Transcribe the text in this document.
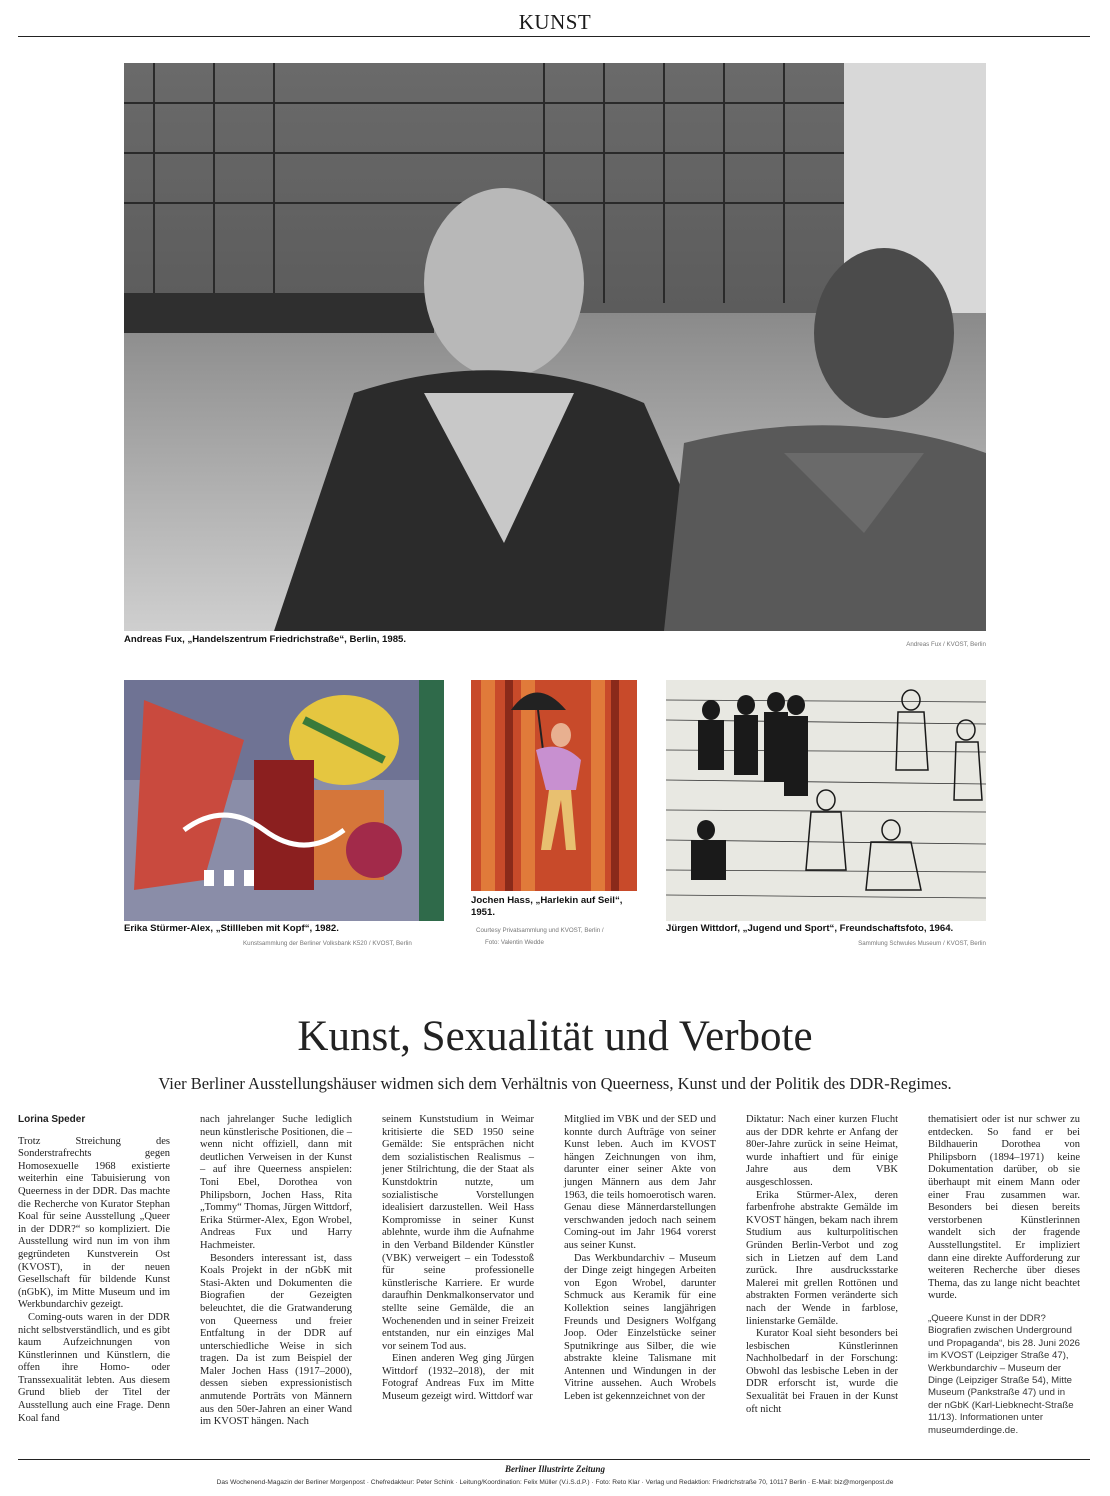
KUNST
Andreas Fux, „Handelszentrum Friedrichstraße“, Berlin, 1985.	Andreas Fux / KVOST, Berlin
Erika Stürmer-Alex, „Stillleben mit Kopf“, 1982.
Kunstsammlung der Berliner Volksbank K520 / KVOST, Berlin
Jochen Hass, „Harlekin auf Seil“,
1951.
Courtesy Privatsammlung und KVOST, Berlin /
Foto: Valentin Wedde
Jürgen Wittdorf, „Jugend und Sport“, Freundschaftsfoto, 1964.
Sammlung Schwules Museum / KVOST, Berlin
Kunst, Sexualität und Verbote
Vier Berliner Ausstellungshäuser widmen sich dem Verhältnis von Queerness, Kunst und der Politik des DDR-Regimes.
Lorina Speder

Trotz Streichung des Sonderstrafrechts gegen Homosexuelle 1968 existierte weiterhin eine Tabuisierung von Queerness in der DDR. Das machte die Recherche von Kurator Stephan Koal für seine Ausstellung „Queer in der DDR?“ so kompliziert. Die Ausstellung wird nun im von ihm gegründeten Kunstverein Ost (KVOST), in der neuen Gesellschaft für bildende Kunst (nGbK), im Mitte Museum und im Werkbundarchiv gezeigt.

Coming-outs waren in der DDR nicht selbstverständlich, und es gibt kaum Aufzeichnungen von Künstlerinnen und Künstlern, die offen ihre Homo- oder Transsexualität lebten. Aus diesem Grund blieb der Titel der Ausstellung auch eine Frage. Denn Koal fand

nach jahrelanger Suche lediglich neun künstlerische Positionen, die – wenn nicht offiziell, dann mit deutlichen Verweisen in der Kunst – auf ihre Queerness anspielen: Toni Ebel, Dorothea von Philipsborn, Jochen Hass, Rita „Tommy“ Thomas, Jürgen Wittdorf, Erika Stürmer-Alex, Egon Wrobel, Andreas Fux und Harry Hachmeister.

Besonders interessant ist, dass Koals Projekt in der nGbK mit Stasi-Akten und Dokumenten die Biografien der Gezeigten beleuchtet, die die Gratwanderung von Queerness und freier Entfaltung in der DDR auf unterschiedliche Weise in sich tragen. Da ist zum Beispiel der Maler Jochen Hass (1917–2000), dessen sieben expressionistisch anmutende Porträts von Männern aus den 50er-Jahren an einer Wand im KVOST hängen. Nach

seinem Kunststudium in Weimar kritisierte die SED 1950 seine Gemälde: Sie entsprächen nicht dem sozialistischen Realismus – jener Stilrichtung, die der Staat als Kunstdoktrin nutzte, um sozialistische Vorstellungen idealisiert darzustellen. Weil Hass Kompromisse in seiner Kunst ablehnte, wurde ihm die Aufnahme in den Verband Bildender Künstler (VBK) verweigert – ein Todesstoß für seine professionelle künstlerische Karriere. Er wurde daraufhin Denkmalkonservator und stellte seine Gemälde, die an Wochenenden und in seiner Freizeit entstanden, nur ein einziges Mal vor seinem Tod aus.

Einen anderen Weg ging Jürgen Wittdorf (1932–2018), der mit Fotograf Andreas Fux im Mitte Museum gezeigt wird. Wittdorf war

Mitglied im VBK und der SED und konnte durch Aufträge von seiner Kunst leben. Auch im KVOST hängen Zeichnungen von ihm, darunter einer seiner Akte von jungen Männern aus dem Jahr 1963, die teils homoerotisch waren. Genau diese Männerdarstellungen verschwanden jedoch nach seinem Coming-out im Jahr 1964 vorerst aus seiner Kunst.

Das Werkbundarchiv – Museum der Dinge zeigt hingegen Arbeiten von Egon Wrobel, darunter Schmuck aus Keramik für eine Kollektion seines langjährigen Freunds und Designers Wolfgang Joop. Oder Einzelstücke seiner Sputnikringe aus Silber, die wie abstrakte kleine Talismane mit Antennen und Windungen in der Vitrine aussehen. Auch Wrobels Leben ist gekennzeichnet von der

Diktatur: Nach einer kurzen Flucht aus der DDR kehrte er Anfang der 80er-Jahre zurück in seine Heimat, wurde inhaftiert und für einige Jahre aus dem VBK ausgeschlossen.

Erika Stürmer-Alex, deren farbenfrohe abstrakte Gemälde im KVOST hängen, bekam nach ihrem Studium aus kulturpolitischen Gründen Berlin-Verbot und zog sich in Lietzen auf dem Land zurück. Ihre ausdrucksstarke Malerei mit grellen Rottönen und abstrakten Formen veränderte sich nach der Wende in farblose, linienstarke Gemälde.

Kurator Koal sieht besonders bei lesbischen Künstlerinnen Nachholbedarf in der Forschung: Obwohl das lesbische Leben in der DDR erforscht ist, wurde die Sexualität bei Frauen in der Kunst oft nicht

thematisiert oder ist nur schwer zu entdecken. So fand er bei Bildhauerin Dorothea von Philipsborn (1894–1971) keine Dokumentation darüber, ob sie überhaupt mit einem Mann oder einer Frau zusammen war. Besonders bei diesen bereits verstorbenen Künstlerinnen wandelt sich der fragende Ausstellungstitel. Er impliziert dann eine direkte Aufforderung zur weiteren Recherche über dieses Thema, das zu lange nicht beachtet wurde.

„Queere Kunst in der DDR? Biografien zwischen Underground und Propaganda“, bis 28. Juni 2026 im KVOST (Leipziger Straße 47), Werkbundarchiv – Museum der Dinge (Leipziger Straße 54), Mitte Museum (Pankstraße 47) und in der nGbK (Karl-Liebknecht-Straße 11/13). Informationen unter museumderdinge.de.

Berliner Illustrirte Zeitung
Das Wochenend-Magazin der Berliner Morgenpost · Chefredakteur: Peter Schink · Leitung/Koordination: Felix Müller (V.i.S.d.P.) · Foto: Reto Klar · Verlag und Redaktion: Friedrichstraße 70, 10117 Berlin · E-Mail: biz@morgenpost.de
